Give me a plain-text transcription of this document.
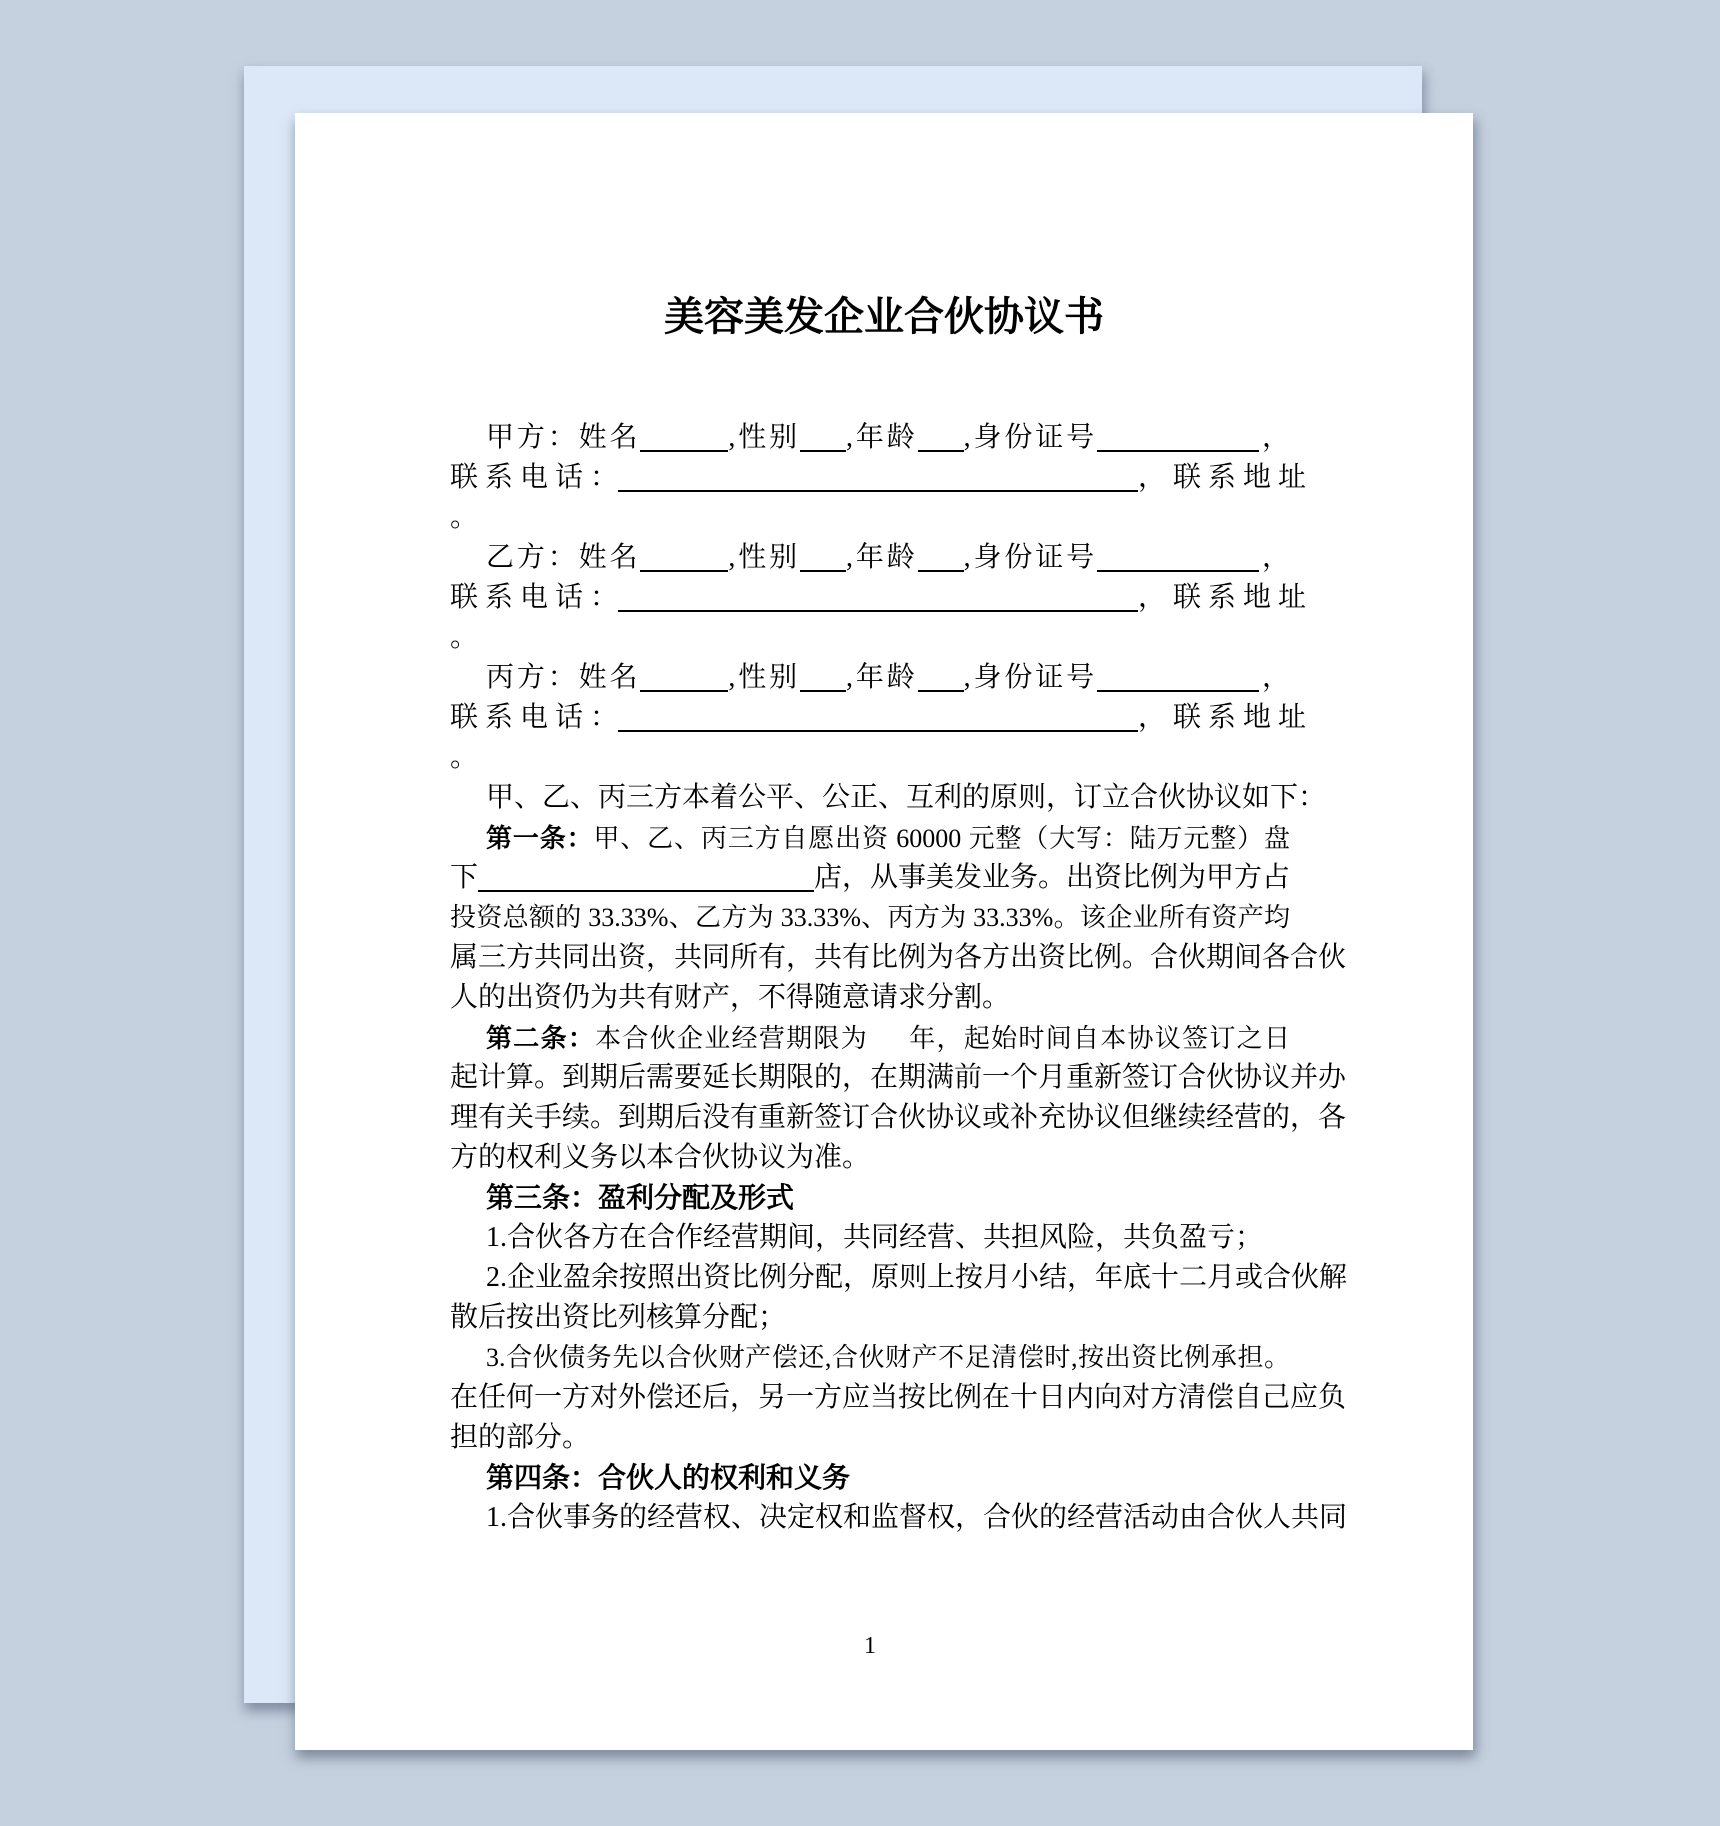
美容美发企业合伙协议书
甲方：姓名	,性别 ,年龄 ,身份证号	，
联 系 电 话 ：	， 联 系 地 址
。
乙方：姓名	,性别 ,年龄 ,身份证号	，
联 系 电 话 ：	， 联 系 地 址
。
丙方：姓名	,性别 ,年龄 ,身份证号	，
联 系 电 话 ：	， 联 系 地 址
。
甲、乙、丙三方本着公平、公正、互利的原则，订立合伙协议如下：
第一条：甲、乙、丙三方自愿出资 60000 元整（大写：陆万元整）盘
下	店，从事美发业务。出资比例为甲方占
投资总额的 33.33%、乙方为 33.33%、丙方为 33.33%。该企业所有资产均
属三方共同出资，共同所有，共有比例为各方出资比例。合伙期间各合伙
人的出资仍为共有财产，不得随意请求分割。
第二条：本合伙企业经营期限为 年，起始时间自本协议签订之日
起计算。到期后需要延长期限的，在期满前一个月重新签订合伙协议并办
理有关手续。到期后没有重新签订合伙协议或补充协议但继续经营的，各
方的权利义务以本合伙协议为准。
第三条：盈利分配及形式
1.合伙各方在合作经营期间，共同经营、共担风险，共负盈亏；
2.企业盈余按照出资比例分配，原则上按月小结，年底十二月或合伙解
散后按出资比列核算分配；
3.合伙债务先以合伙财产偿还,合伙财产不足清偿时,按出资比例承担。
在任何一方对外偿还后，另一方应当按比例在十日内向对方清偿自己应负
担的部分。
第四条：合伙人的权利和义务
1.合伙事务的经营权、决定权和监督权，合伙的经营活动由合伙人共同
1
